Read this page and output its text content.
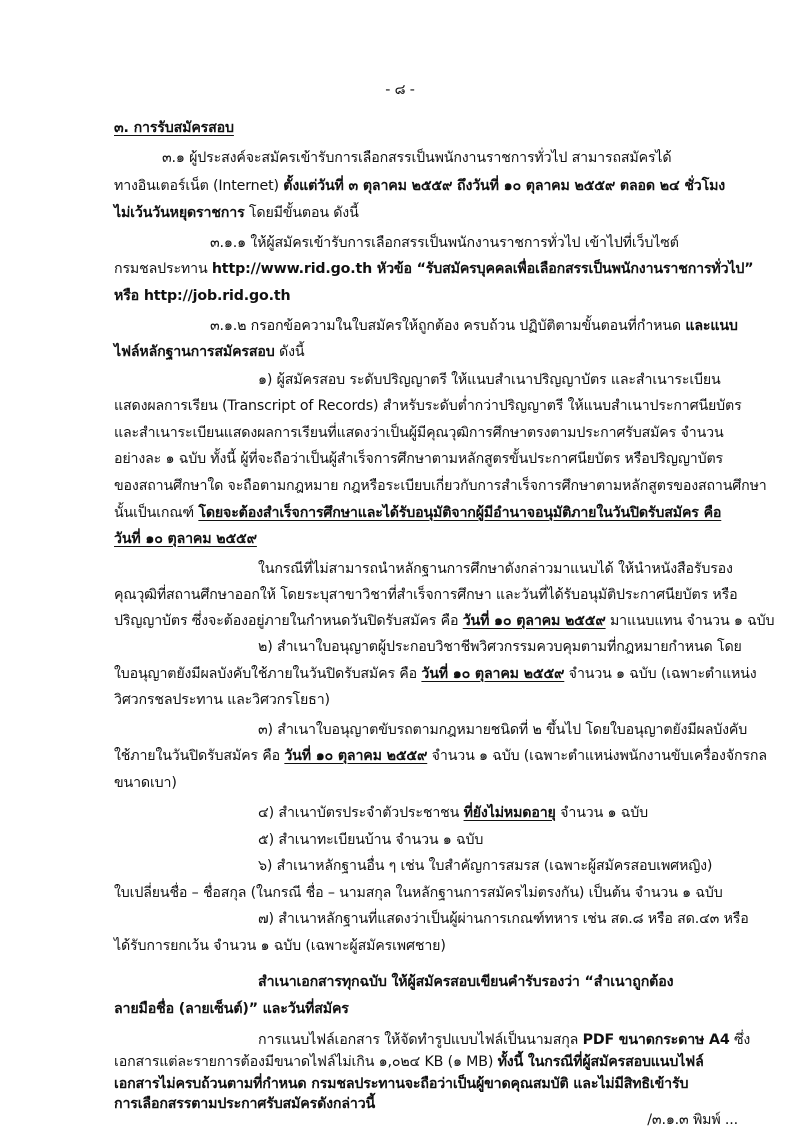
- ๘ -
๓. การรับสมัครสอบ
๓.๑ ผู้ประสงค์จะสมัครเข้ารับการเลือกสรรเป็นพนักงานราชการทั่วไป สามารถสมัครได้
ทางอินเตอร์เน็ต (Internet) ตั้งแต่วันที่ ๓ ตุลาคม ๒๕๕๙ ถึงวันที่ ๑๐ ตุลาคม ๒๕๕๙ ตลอด ๒๔ ชั่วโมง
ไม่เว้นวันหยุดราชการ โดยมีขั้นตอน ดังนี้
๓.๑.๑ ให้ผู้สมัครเข้ารับการเลือกสรรเป็นพนักงานราชการทั่วไป เข้าไปที่เว็บไซต์
กรมชลประทาน http://www.rid.go.th หัวข้อ “รับสมัครบุคคลเพื่อเลือกสรรเป็นพนักงานราชการทั่วไป”
หรือ http://job.rid.go.th
๓.๑.๒ กรอกข้อความในใบสมัครให้ถูกต้อง ครบถ้วน ปฏิบัติตามขั้นตอนที่กำหนด และแนบ
ไฟล์หลักฐานการสมัครสอบ ดังนี้
๑) ผู้สมัครสอบ ระดับปริญญาตรี ให้แนบสำเนาปริญญาบัตร และสำเนาระเบียน
แสดงผลการเรียน (Transcript of Records) สำหรับระดับต่ำกว่าปริญญาตรี ให้แนบสำเนาประกาศนียบัตร
และสำเนาระเบียนแสดงผลการเรียนที่แสดงว่าเป็นผู้มีคุณวุฒิการศึกษาตรงตามประกาศรับสมัคร จำนวน
อย่างละ ๑ ฉบับ ทั้งนี้ ผู้ที่จะถือว่าเป็นผู้สำเร็จการศึกษาตามหลักสูตรขั้นประกาศนียบัตร หรือปริญญาบัตร
ของสถานศึกษาใด จะถือตามกฎหมาย กฎหรือระเบียบเกี่ยวกับการสำเร็จการศึกษาตามหลักสูตรของสถานศึกษา
นั้นเป็นเกณฑ์ โดยจะต้องสำเร็จการศึกษาและได้รับอนุมัติจากผู้มีอำนาจอนุมัติภายในวันปิดรับสมัคร คือ
วันที่ ๑๐ ตุลาคม ๒๕๕๙
ในกรณีที่ไม่สามารถนำหลักฐานการศึกษาดังกล่าวมาแนบได้ ให้นำหนังสือรับรอง
คุณวุฒิที่สถานศึกษาออกให้ โดยระบุสาขาวิชาที่สำเร็จการศึกษา และวันที่ได้รับอนุมัติประกาศนียบัตร หรือ
ปริญญาบัตร ซึ่งจะต้องอยู่ภายในกำหนดวันปิดรับสมัคร คือ วันที่ ๑๐ ตุลาคม ๒๕๕๙ มาแนบแทน จำนวน ๑ ฉบับ
๒) สำเนาใบอนุญาตผู้ประกอบวิชาชีพวิศวกรรมควบคุมตามที่กฎหมายกำหนด โดย
ใบอนุญาตยังมีผลบังคับใช้ภายในวันปิดรับสมัคร คือ วันที่ ๑๐ ตุลาคม ๒๕๕๙ จำนวน ๑ ฉบับ (เฉพาะตำแหน่ง
วิศวกรชลประทาน และวิศวกรโยธา)
๓) สำเนาใบอนุญาตขับรถตามกฎหมายชนิดที่ ๒ ขึ้นไป โดยใบอนุญาตยังมีผลบังคับ
ใช้ภายในวันปิดรับสมัคร คือ วันที่ ๑๐ ตุลาคม ๒๕๕๙ จำนวน ๑ ฉบับ (เฉพาะตำแหน่งพนักงานขับเครื่องจักรกล
ขนาดเบา)
๔) สำเนาบัตรประจำตัวประชาชน ที่ยังไม่หมดอายุ จำนวน ๑ ฉบับ
๕) สำเนาทะเบียนบ้าน จำนวน ๑ ฉบับ
๖) สำเนาหลักฐานอื่น ๆ เช่น ใบสำคัญการสมรส (เฉพาะผู้สมัครสอบเพศหญิง)
ใบเปลี่ยนชื่อ – ชื่อสกุล (ในกรณี ชื่อ – นามสกุล ในหลักฐานการสมัครไม่ตรงกัน) เป็นต้น จำนวน ๑ ฉบับ
๗) สำเนาหลักฐานที่แสดงว่าเป็นผู้ผ่านการเกณฑ์ทหาร เช่น สด.๘ หรือ สด.๔๓ หรือ
ได้รับการยกเว้น จำนวน ๑ ฉบับ (เฉพาะผู้สมัครเพศชาย)
สำเนาเอกสารทุกฉบับ ให้ผู้สมัครสอบเขียนคำรับรองว่า “สำเนาถูกต้อง
ลายมือชื่อ (ลายเซ็นต์)” และวันที่สมัคร
การแนบไฟล์เอกสาร ให้จัดทำรูปแบบไฟล์เป็นนามสกุล PDF ขนาดกระดาษ A4 ซึ่ง
เอกสารแต่ละรายการต้องมีขนาดไฟล์ไม่เกิน ๑,๐๒๔ KB (๑ MB) ทั้งนี้ ในกรณีที่ผู้สมัครสอบแนบไฟล์
เอกสารไม่ครบถ้วนตามที่กำหนด กรมชลประทานจะถือว่าเป็นผู้ขาดคุณสมบัติ และไม่มีสิทธิเข้ารับ
การเลือกสรรตามประกาศรับสมัครดังกล่าวนี้
/๓.๑.๓ พิมพ์ ...
